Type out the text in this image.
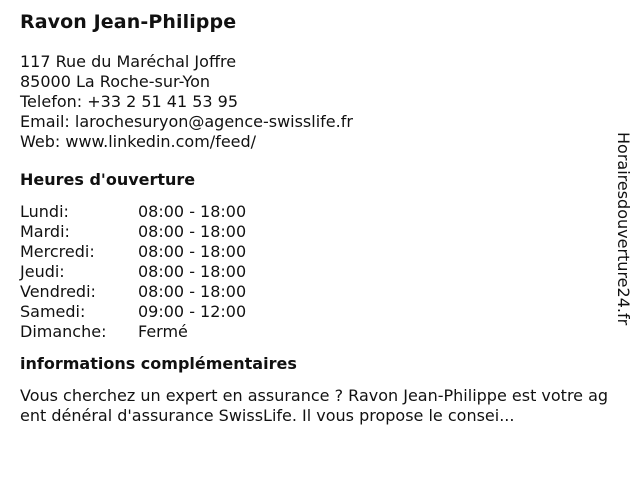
Ravon Jean-Philippe
117 Rue du Maréchal Joffre
85000 La Roche-sur-Yon
Telefon: +33 2 51 41 53 95
Email: larochesuryon@agence-swisslife.fr
Web: www.linkedin.com/feed/
Heures d'ouverture
Lundi:	08:00 - 18:00
Mardi:	08:00 - 18:00
Mercredi:	08:00 - 18:00
Jeudi:	08:00 - 18:00
Vendredi:	08:00 - 18:00
Samedi:	09:00 - 12:00
Dimanche:	Fermé
informations complémentaires
Vous cherchez un expert en assurance ? Ravon Jean-Philippe est votre agent dénéral d'assurance SwissLife. Il vous propose le consei...
Horairesdouverture24.fr
